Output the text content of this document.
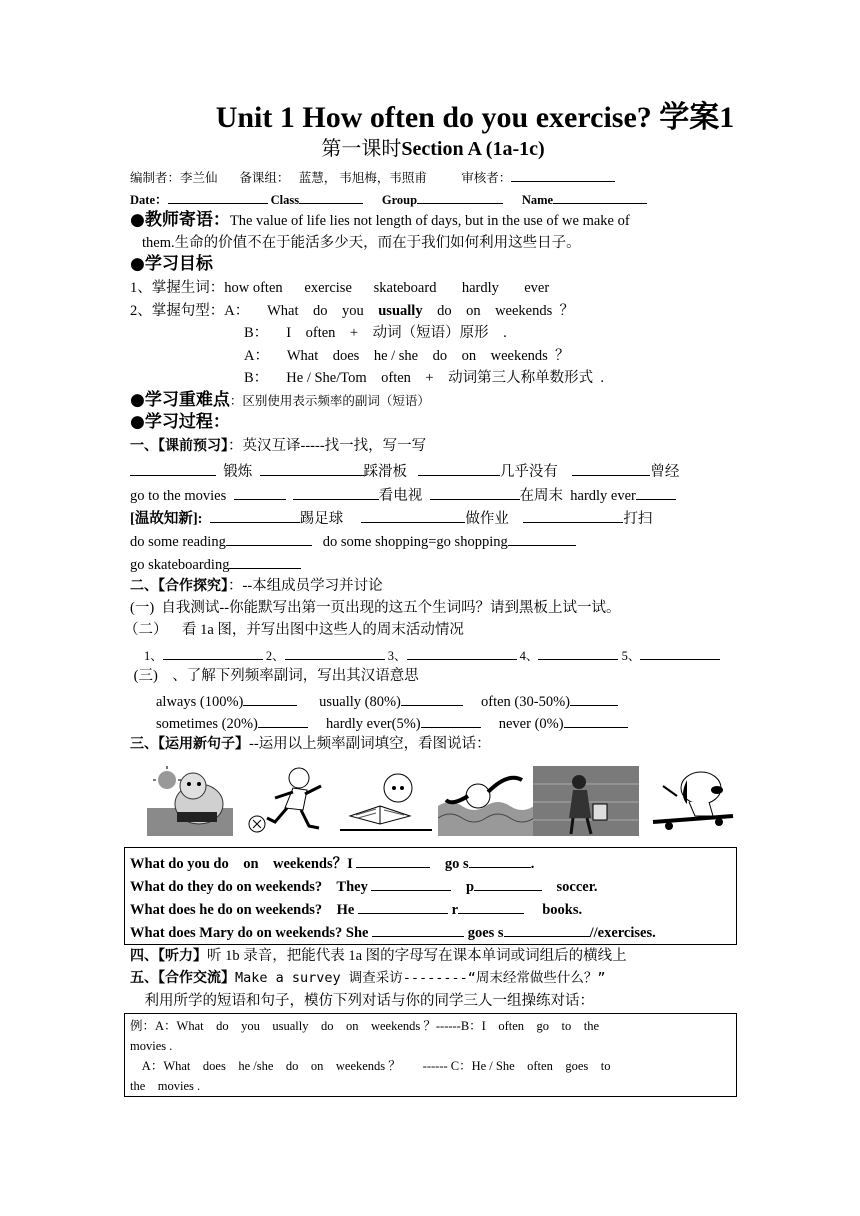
Unit 1 How often do you exercise? 学案1
第一课时Section A (1a-1c)
编制者：李兰仙 备课组：   蓝慧， 韦旭梅，韦照甫	审核者：
Date：	Class	Group	Name
●教师寄语：The value of life lies not length of days, but in the use of we make of
them.生命的价值不在于能活多少天，而在于我们如何利用这些日子。
●学习目标
1、掌握生词：how often      exercise      skateboard       hardly       ever
2、掌握句型：A：     What    do    you    usually    do    on    weekends  ？
B：     I    often    +    动词（短语）原形    .
A：     What    does    he / she    do    on    weekends  ？
B：     He / She/Tom    often    +    动词第三人称单数形式  .
●学习重难点：区别使用表示频率的副词（短语）
●学习过程：
一、【课前预习】：英汉互译-----找一找，写一写
锻炼	踩滑板	几乎没有	曾经
go to the movies	看电视	在周末 hardly ever
[温故知新]:	踢足球	做作业	打扫
do some reading	do some shopping=go shopping
go skateboarding
二、【合作探究】：--本组成员学习并讨论
(一)  自我测试--你能默写出第一页出现的这五个生词吗？请到黑板上试一试。
（二）    看 1a 图，并写出图中这些人的周末活动情况
1、	2、	3、	4、	5、
(三)    、了解下列频率副词，写出其汉语意思
always (100%)	usually (80%)	often (30-50%)
sometimes (20%)	hardly ever(5%)	never (0%)
三、【运用新句子】--运用以上频率副词填空，看图说话：
What do you do    on    weekends？I	go s	.
What do they do on weekends?    They	p	soccer.
What does he do on weekends?    He	r	books.
What does Mary do on weekends? She	goes s	//exercises.
四、【听力】听 1b 录音，把能代表 1a 图的字母写在课本单词或词组后的横线上
五、【合作交流】Make a survey 调查采访--------“周末经常做些什么？”
利用所学的短语和句子，模仿下列对话与你的同学三人一组操练对话：
例：A：What    do    you    usually    do    on    weekends ？------B：I    often    go    to    the
movies .
A：What    does    he /she    do    on    weekends ？       ------ C：He / She    often    goes    to
the    movies .
